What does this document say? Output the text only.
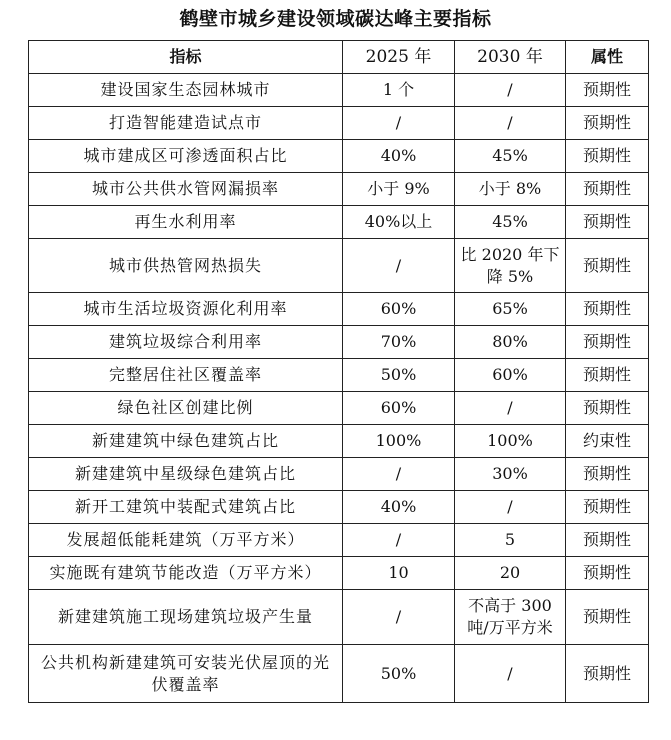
鹤壁市城乡建设领域碳达峰主要指标
指标	2025 年	2030 年	属性
建设国家生态园林城市	1 个	/	预期性
打造智能建造试点市	/	/	预期性
城市建成区可渗透面积占比	40%	45%	预期性
城市公共供水管网漏损率	小于 9%	小于 8%	预期性
再生水利用率	40%以上	45%	预期性
城市供热管网热损失	/	比 2020 年下降 5%	预期性
城市生活垃圾资源化利用率	60%	65%	预期性
建筑垃圾综合利用率	70%	80%	预期性
完整居住社区覆盖率	50%	60%	预期性
绿色社区创建比例	60%	/	预期性
新建建筑中绿色建筑占比	100%	100%	约束性
新建建筑中星级绿色建筑占比	/	30%	预期性
新开工建筑中装配式建筑占比	40%	/	预期性
发展超低能耗建筑（万平方米）	/	5	预期性
实施既有建筑节能改造（万平方米）	10	20	预期性
新建建筑施工现场建筑垃圾产生量	/	不高于 300 吨/万平方米	预期性
公共机构新建建筑可安装光伏屋顶的光伏覆盖率	50%	/	预期性
